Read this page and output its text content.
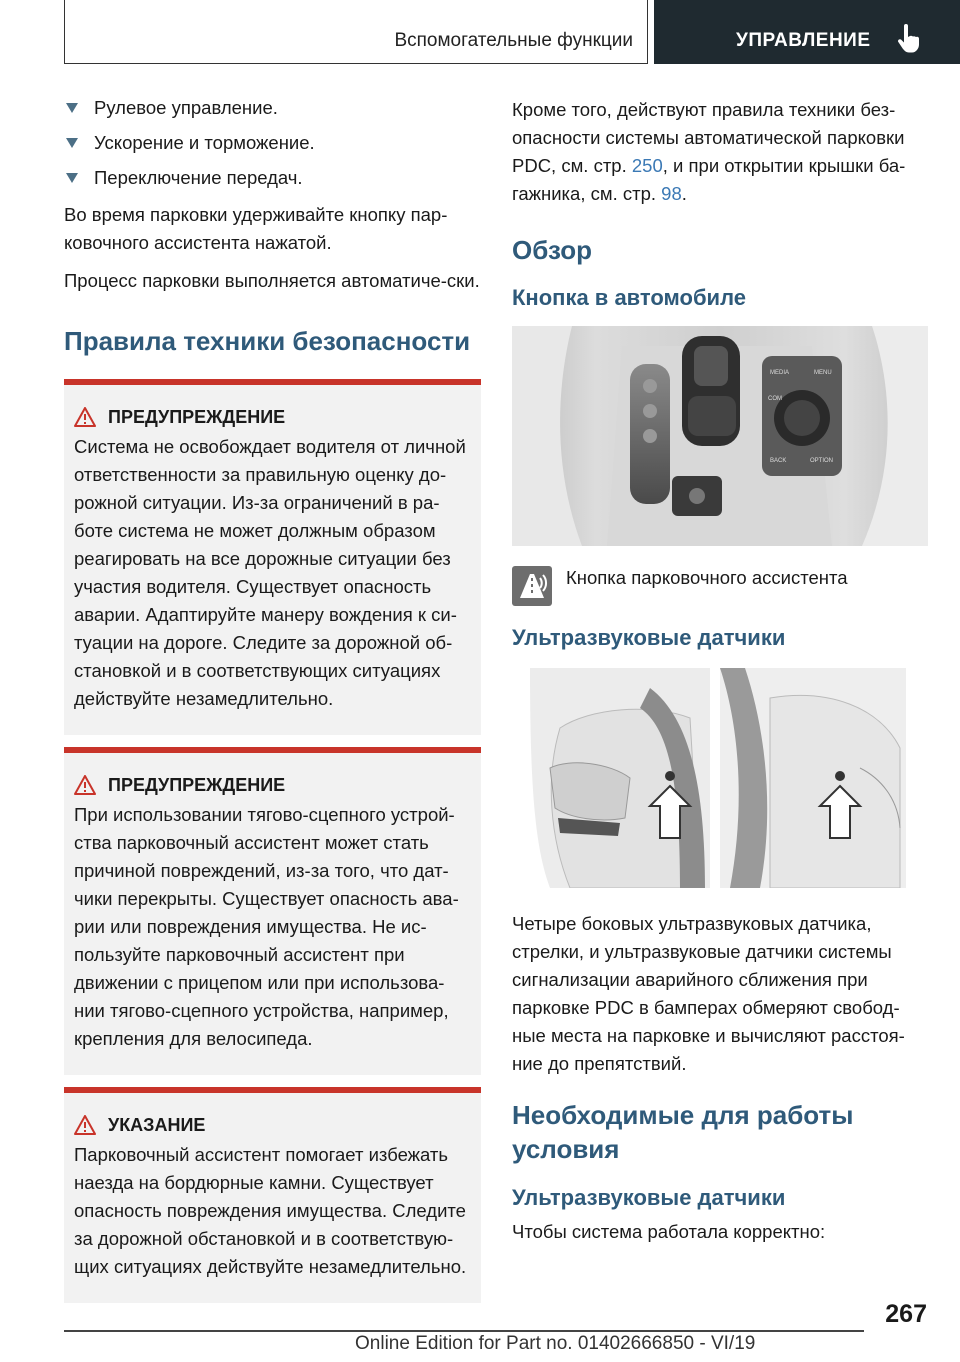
Вспомогательные функции	УПРАВЛЕНИЕ
Рулевое управление.
Ускорение и торможение.
Переключение передач.

Во время парковки удерживайте кнопку пар-ковочного ассистента нажатой.

Процесс парковки выполняется автоматиче-ски.

Правила техники безопасности
ПРЕДУПРЕЖДЕНИЕ

Система не освобождает водителя от личной ответственности за правильную оценку до-рожной ситуации. Из-за ограничений в ра-боте система не может должным образом реагировать на все дорожные ситуации без участия водителя. Существует опасность аварии. Адаптируйте манеру вождения к си-туации на дороге. Следите за дорожной об-становкой и в соответствующих ситуациях действуйте незамедлительно.

ПРЕДУПРЕЖДЕНИЕ

При использовании тягово-сцепного устрой-ства парковочный ассистент может стать причиной повреждений, из-за того, что дат-чики перекрыты. Существует опасность ава-рии или повреждения имущества. Не ис-пользуйте парковочный ассистент при движении с прицепом или при использова-нии тягово-сцепного устройства, например, крепления для велосипеда.

УКАЗАНИЕ

Парковочный ассистент помогает избежать наезда на бордюрные камни. Существует опасность повреждения имущества. Следите за дорожной обстановкой и в соответствую-щих ситуациях действуйте незамедлительно.

Кроме того, действуют правила техники без-опасности системы автоматической парковки PDC, см. стр. 250, и при открытии крышки ба-гажника, см. стр. 98.

Обзор
Кнопка в автомобиле
MEDIA	MENU
COM
BACK	OPTION
Кнопка парковочного ассистента
Ультразвуковые датчики

Четыре боковых ультразвуковых датчика, стрелки, и ультразвуковые датчики системы сигнализации аварийного сближения при парковке PDC в бамперах обмеряют свобод-ные места на парковке и вычисляют расстоя-ние до препятствий.

Необходимые для работы условия
Ультразвуковые датчики

Чтобы система работала корректно:

267
Online Edition for Part no. 01402666850 - VI/19
